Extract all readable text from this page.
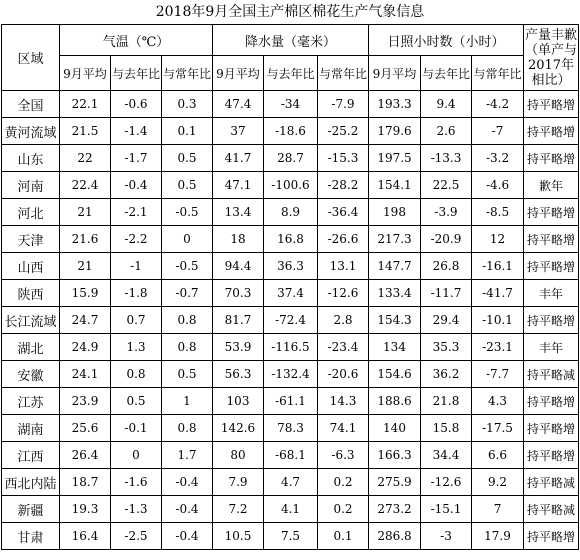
2018年9月全国主产棉区棉花生产气象信息
区域	气温（℃）			降水量（毫米）			日照小时数（小时）			产量丰歉（单产与2017年相比）
	9月平均	与去年比	与常年比	9月平均	与去年比	与常年比	9月平均	与去年比	与常年比	
全国	22.1	-0.6	0.3	47.4	-34	-7.9	193.3	9.4	-4.2	持平略增
黄河流域	21.5	-1.4	0.1	37	-18.6	-25.2	179.6	2.6	-7	持平略增
山东	22	-1.7	0.5	41.7	28.7	-15.3	197.5	-13.3	-3.2	持平略增
河南	22.4	-0.4	0.5	47.1	-100.6	-28.2	154.1	22.5	-4.6	歉年
河北	21	-2.1	-0.5	13.4	8.9	-36.4	198	-3.9	-8.5	持平略增
天津	21.6	-2.2	0	18	16.8	-26.6	217.3	-20.9	12	持平略增
山西	21	-1	-0.5	94.4	36.3	13.1	147.7	26.8	-16.1	持平略增
陕西	15.9	-1.8	-0.7	70.3	37.4	-12.6	133.4	-11.7	-41.7	丰年
长江流域	24.7	0.7	0.8	81.7	-72.4	2.8	154.3	29.4	-10.1	持平略增
湖北	24.9	1.3	0.8	53.9	-116.5	-23.4	134	35.3	-23.1	丰年
安徽	24.1	0.8	0.5	56.3	-132.4	-20.6	154.6	36.2	-7.7	持平略减
江苏	23.9	0.5	1	103	-61.1	14.3	188.6	21.8	4.3	持平略增
湖南	25.6	-0.1	0.8	142.6	78.3	74.1	140	15.8	-17.5	持平略增
江西	26.4	0	1.7	80	-68.1	-6.3	166.3	34.4	6.6	持平略增
西北内陆	18.7	-1.6	-0.4	7.9	4.7	0.2	275.9	-12.6	9.2	持平略减
新疆	19.3	-1.3	-0.4	7.2	4.1	0.2	273.2	-15.1	7	持平略减
甘肃	16.4	-2.5	-0.4	10.5	7.5	0.1	286.8	-3	17.9	持平略增
